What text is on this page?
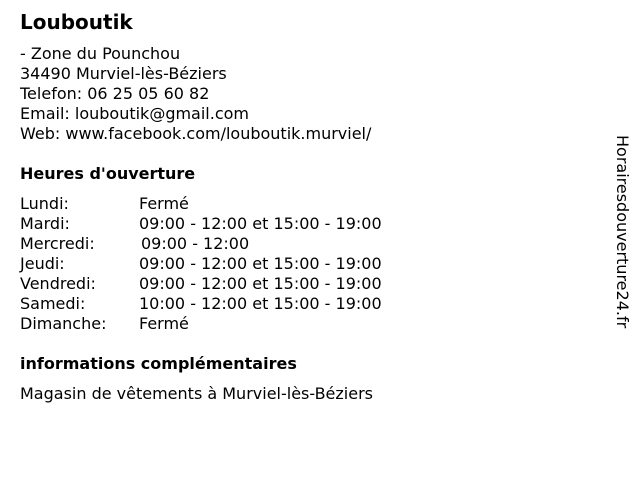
Louboutik
- Zone du Pounchou
34490 Murviel-lès-Béziers
Telefon: 06 25 05 60 82
Email: louboutik@gmail.com
Web: www.facebook.com/louboutik.murviel/
Heures d'ouverture
Lundi:	Fermé
Mardi:	09:00 - 12:00 et 15:00 - 19:00
Mercredi:	09:00 - 12:00
Jeudi:	09:00 - 12:00 et 15:00 - 19:00
Vendredi:	09:00 - 12:00 et 15:00 - 19:00
Samedi:	10:00 - 12:00 et 15:00 - 19:00
Dimanche: Fermé
informations complémentaires
Magasin de vêtements à Murviel-lès-Béziers
Horairesdouverture24.fr
